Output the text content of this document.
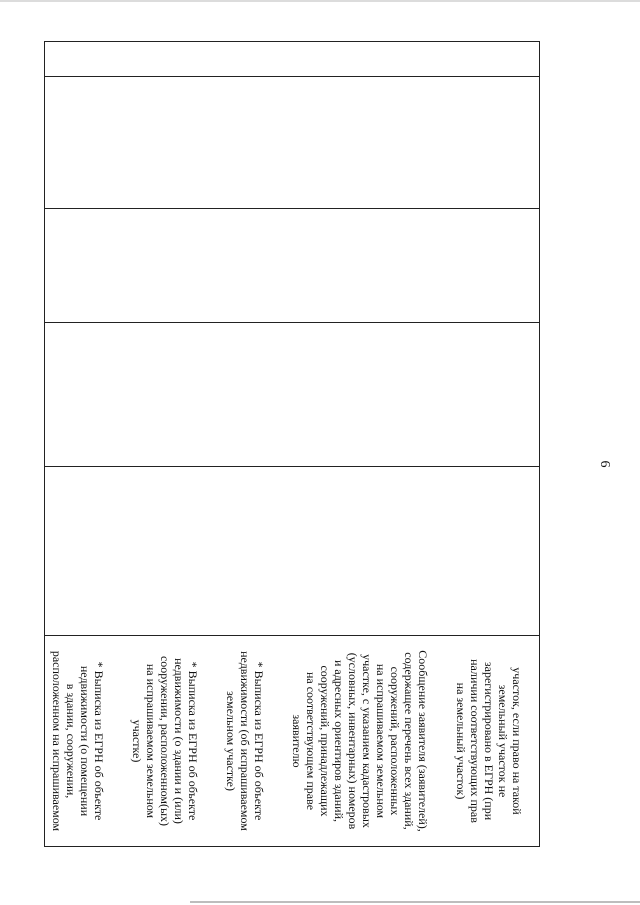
6

участок, если право на такой
земельный участок не
зарегистрировано в ЕГРН (при
наличии соответствующих прав
на земельный участок)

Сообщение заявителя (заявителей),
содержащее перечень всех зданий,
сооружений, расположенных
на испрашиваемом земельном
участке, с указанием кадастровых
(условных, инвентарных) номеров
и адресных ориентиров зданий,
сооружений, принадлежащих
на соответствующем праве
заявителю

* Выписка из ЕГРН об объекте
недвижимости (об испрашиваемом
земельном участке)

* Выписка из ЕГРН об объекте
недвижимости (о здании и (или)
сооружении, расположенном(ых)
на испрашиваемом земельном
участке)

* Выписка из ЕГРН об объекте
недвижимости (о помещении
в здании, сооружении,
расположенном на испрашиваемом
